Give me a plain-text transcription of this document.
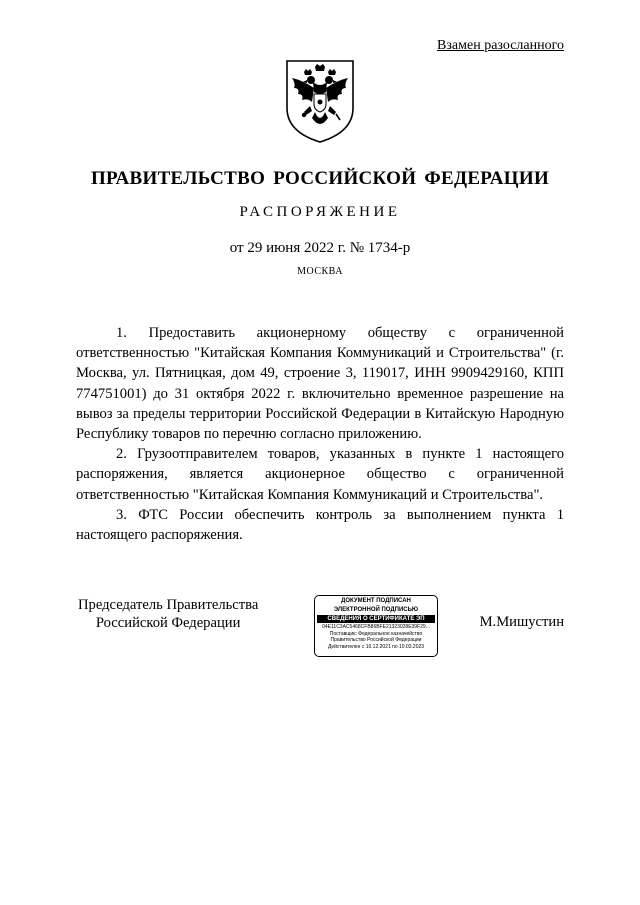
Взамен разосланного
ПРАВИТЕЛЬСТВО РОССИЙСКОЙ ФЕДЕРАЦИИ
РАСПОРЯЖЕНИЕ
от 29 июня 2022 г. № 1734-р
МОСКВА

1. Предоставить акционерному обществу с ограниченной ответственностью "Китайская Компания Коммуникаций и Строительства" (г. Москва, ул. Пятницкая, дом 49, строение 3, 119017, ИНН 9909429160, КПП 774751001) до 31 октября 2022 г. включительно временное разрешение на вывоз за пределы территории Российской Федерации в Китайскую Народную Республику товаров по перечню согласно приложению.

2. Грузоотправителем товаров, указанных в пункте 1 настоящего распоряжения, является акционерное общество с ограниченной ответственностью "Китайская Компания Коммуникаций и Строительства".

3. ФТС России обеспечить контроль за выполнением пункта 1 настоящего распоряжения.

Председатель Правительства
Российской Федерации
ДОКУМЕНТ ПОДПИСАН
ЭЛЕКТРОННОЙ ПОДПИСЬЮ
СВЕДЕНИЯ О СЕРТИФИКАТЕ ЭП
04E11C3AC5468CFB86BFE21323028E39F29...
Поставщик: Федеральное казначейство
Правительство Российской Федерации
Действителен с 10.12.2021 по 10.03.2023
М.Мишустин
